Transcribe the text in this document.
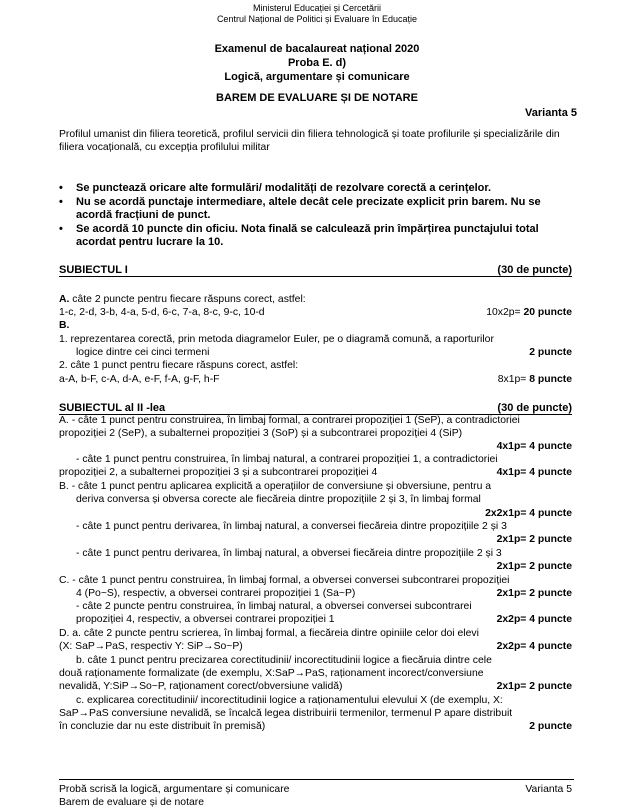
Ministerul Educației și Cercetării
Centrul Național de Politici și Evaluare în Educație
Examenul de bacalaureat național 2020
Proba E. d)
Logică, argumentare și comunicare
BAREM DE EVALUARE ȘI DE NOTARE
Varianta 5
Profilul umanist din filiera teoretică, profilul servicii din filiera tehnologică și toate profilurile și specializările din
filiera vocațională, cu excepția profilului militar
• Se punctează oricare alte formulări/ modalități de rezolvare corectă a cerințelor.
• Nu se acordă punctaje intermediare, altele decât cele precizate explicit prin barem. Nu se
acordă fracțiuni de punct.
• Se acordă 10 puncte din oficiu. Nota finală se calculează prin împărțirea punctajului total
acordat pentru lucrare la 10.
SUBIECTUL I	(30 de puncte)
A. câte 2 puncte pentru fiecare răspuns corect, astfel:
1-c, 2-d, 3-b, 4-a, 5-d, 6-c, 7-a, 8-c, 9-c, 10-d	10x2p= 20 puncte
B.
1. reprezentarea corectă, prin metoda diagramelor Euler, pe o diagramă comună, a raporturilor
logice dintre cei cinci termeni	2 puncte
2. câte 1 punct pentru fiecare răspuns corect, astfel:
a-A, b-F, c-A, d-A, e-F, f-A, g-F, h-F	8x1p= 8 puncte
SUBIECTUL al II -lea	(30 de puncte)
A. - câte 1 punct pentru construirea, în limbaj formal, a contrarei propoziției 1 (SeP), a contradictoriei
propoziției 2 (SeP), a subalternei propoziției 3 (SoP) și a subcontrarei propoziției 4 (SiP)
4x1p= 4 puncte
- câte 1 punct pentru construirea, în limbaj natural, a contrarei propoziției 1, a contradictoriei
propoziției 2, a subalternei propoziției 3 și a subcontrarei propoziției 4	4x1p= 4 puncte
B. - câte 1 punct pentru aplicarea explicită a operațiilor de conversiune și obversiune, pentru a
deriva conversa și obversa corecte ale fiecăreia dintre propozițiile 2 și 3, în limbaj formal
2x2x1p= 4 puncte
- câte 1 punct pentru derivarea, în limbaj natural, a conversei fiecăreia dintre propozițiile 2 și 3
2x1p= 2 puncte
- câte 1 punct pentru derivarea, în limbaj natural, a obversei fiecăreia dintre propozițiile 2 și 3
2x1p= 2 puncte
C. - câte 1 punct pentru construirea, în limbaj formal, a obversei conversei subcontrarei propoziției
4 (Po~S), respectiv, a obversei contrarei propoziției 1 (Sa~P)	2x1p= 2 puncte
- câte 2 puncte pentru construirea, în limbaj natural, a obversei conversei subcontrarei
propoziției 4, respectiv, a obversei contrarei propoziției 1	2x2p= 4 puncte
D. a. câte 2 puncte pentru scrierea, în limbaj formal, a fiecăreia dintre opiniile celor doi elevi
(X: SaP→PaS, respectiv Y: SiP→So~P)	2x2p= 4 puncte
b. câte 1 punct pentru precizarea corectitudinii/ incorectitudinii logice a fiecăruia dintre cele
două raționamente formalizate (de exemplu, X:SaP→PaS, raționament incorect/conversiune
nevalidă, Y:SiP→So~P, raționament corect/obversiune validă)	2x1p= 2 puncte
c. explicarea corectitudinii/ incorectitudinii logice a raționamentului elevului X (de exemplu, X:
SaP→PaS conversiune nevalidă, se încalcă legea distribuirii termenilor, termenul P apare distribuit
în concluzie dar nu este distribuit în premisă)	2 puncte
Probă scrisă la logică, argumentare și comunicare
Barem de evaluare și de notare
Varianta 5
